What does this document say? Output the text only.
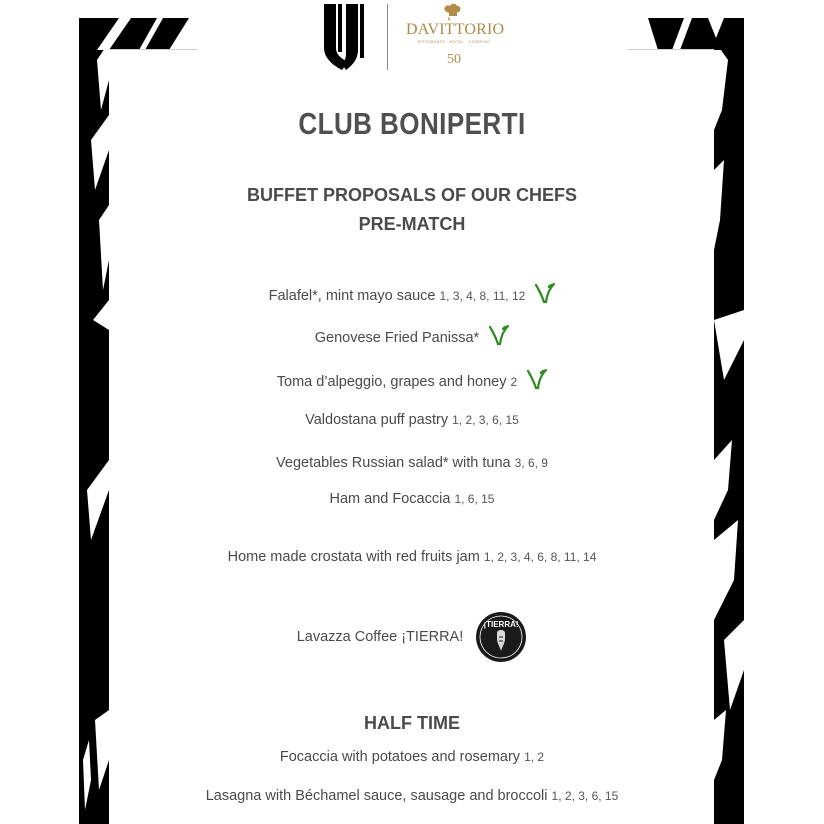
DAVITTORIO
RISTORANTE · HOTEL · CATERING
50
CLUB BONIPERTI
BUFFET PROPOSALS OF OUR CHEFS
PRE-MATCH
Falafel*, mint mayo sauce 1, 3, 4, 8, 11, 12
Genovese Fried Panissa*
Toma d’alpeggio, grapes and honey 2
Valdostana puff pastry 1, 2, 3, 6, 15
Vegetables Russian salad* with tuna 3, 6, 9
Ham and Focaccia 1, 6, 15
Home made crostata with red fruits jam 1, 2, 3, 4, 6, 8, 11, 14
Lavazza Coffee ¡TIERRA!
¡TIERRA!
HALF TIME
Focaccia with potatoes and rosemary 1, 2
Lasagna with Béchamel sauce, sausage and broccoli 1, 2, 3, 6, 15
